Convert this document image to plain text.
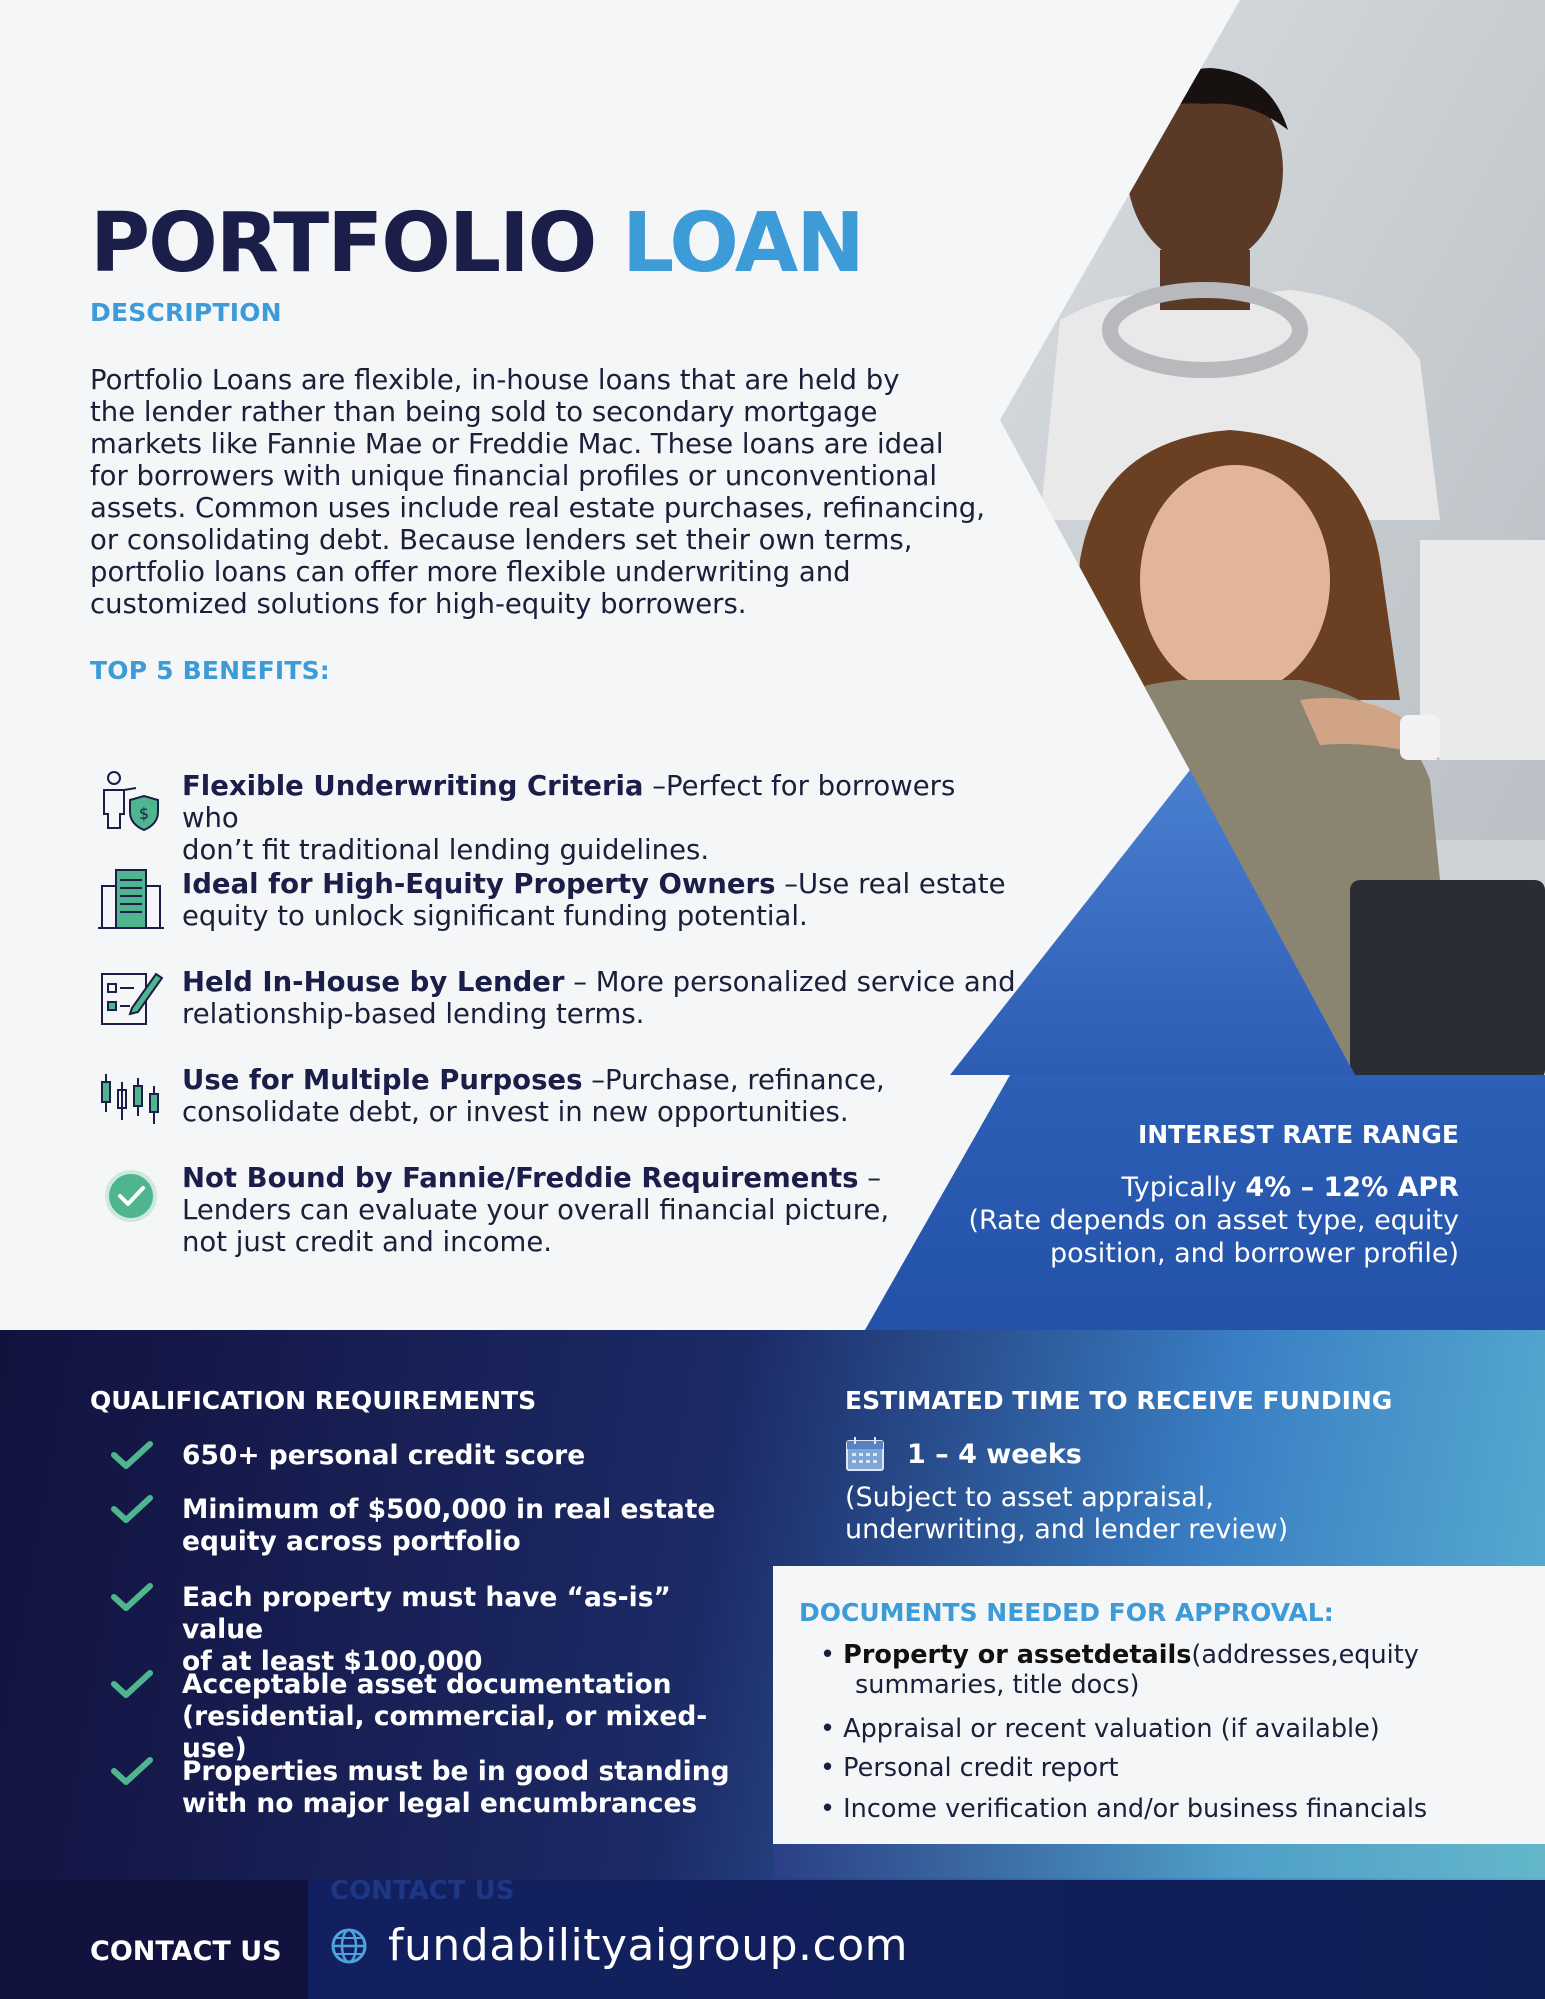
PORTFOLIO LOAN
DESCRIPTION
Portfolio Loans are flexible, in-house loans that are held by
the lender rather than being sold to secondary mortgage
markets like Fannie Mae or Freddie Mac. These loans are ideal
for borrowers with unique financial profiles or unconventional
assets. Common uses include real estate purchases, refinancing,
or consolidating debt. Because lenders set their own terms,
portfolio loans can offer more flexible underwriting and
customized solutions for high-equity borrowers.
TOP 5 BENEFITS:
$
Flexible Underwriting Criteria –Perfect for borrowers who
don’t fit traditional lending guidelines.
Ideal for High-Equity Property Owners –Use real estate
equity to unlock significant funding potential.
Held In-House by Lender – More personalized service and
relationship-based lending terms.
Use for Multiple Purposes –Purchase, refinance,
consolidate debt, or invest in new opportunities.
Not Bound by Fannie/Freddie Requirements –
Lenders can evaluate your overall financial picture,
not just credit and income.
INTEREST RATE RANGE
Typically 4% – 12% APR
(Rate depends on asset type, equity
position, and borrower profile)
QUALIFICATION REQUIREMENTS
650+ personal credit score
Minimum of $500,000 in real estate
equity across portfolio
Each property must have “as-is” value
of at least $100,000
Acceptable asset documentation
(residential, commercial, or mixed-use)
Properties must be in good standing
with no major legal encumbrances
ESTIMATED TIME TO RECEIVE FUNDING
1 – 4 weeks
(Subject to asset appraisal,
underwriting, and lender review)
DOCUMENTS NEEDED FOR APPROVAL:
• Property or assetdetails(addresses,equity
summaries, title docs)
• Appraisal or recent valuation (if available)
• Personal credit report
• Income verification and/or business financials
CONTACT US
CONTACT US fundabilityaigroup.com
